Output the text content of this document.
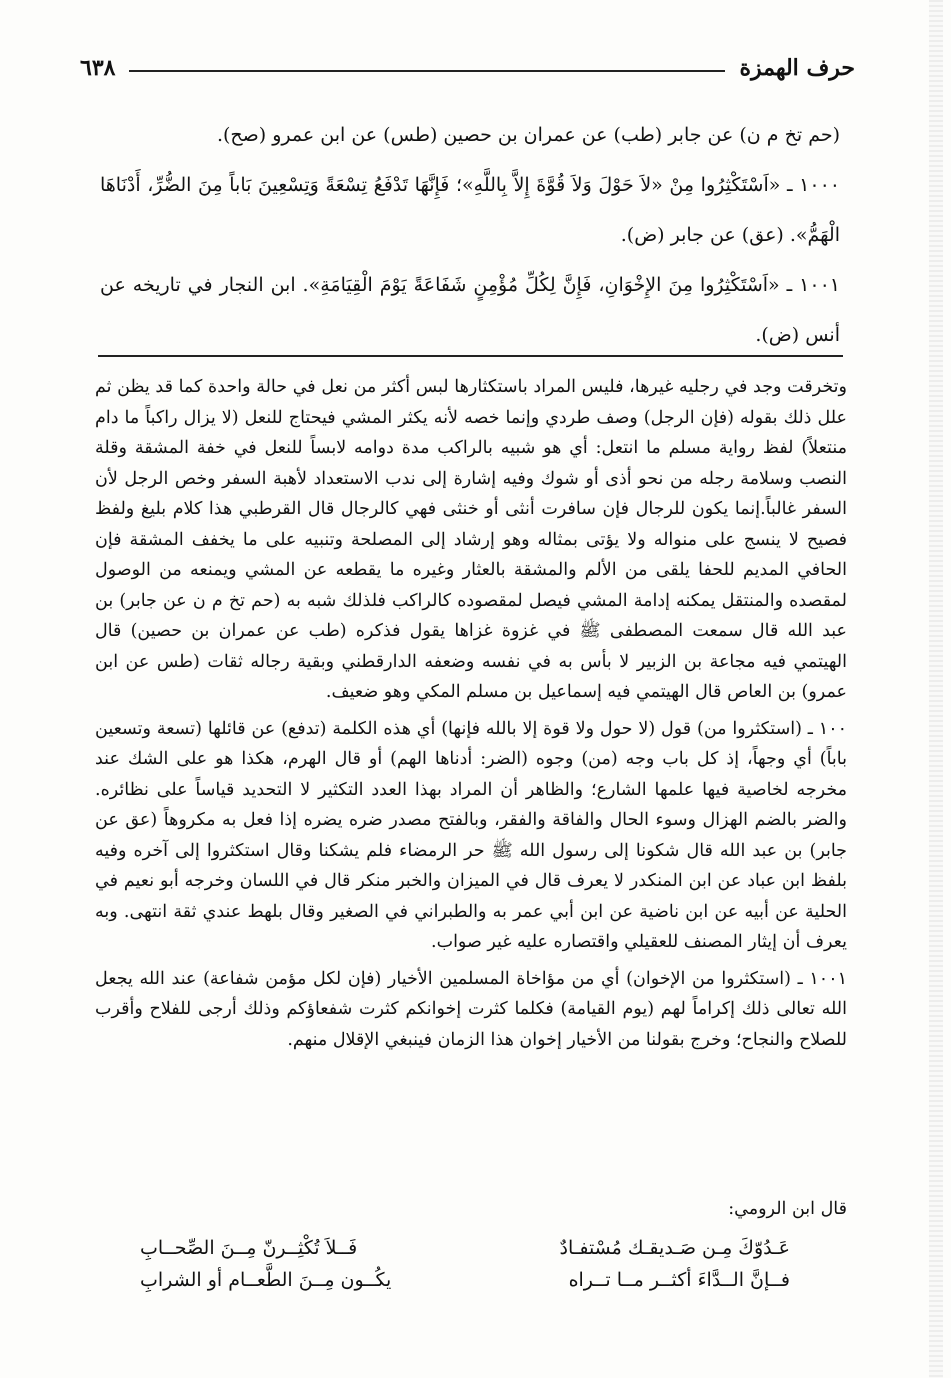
حرف الهمزة
٦٣٨

(حم تخ م ن) عن جابر (طب) عن عمران بن حصين (طس) عن ابن عمرو (صح).

١٠٠٠ ـ «اَسْتَكْثِرُوا مِنْ «لاَ حَوْلَ وَلاَ قُوَّةَ إِلاَّ بِاللَّهِ»؛ فَإِنَّهَا تَدْفَعُ تِسْعَةً وَتِسْعِينَ بَاباً مِنَ الضُّرِّ، أَدْنَاهَا الْهَمُّ». (عق) عن جابر (ض).

١٠٠١ ـ «اَسْتَكْثِرُوا مِنَ الإِخْوَانِ، فَإِنَّ لِكُلِّ مُؤْمِنٍ شَفَاعَةً يَوْمَ الْقِيَامَةِ». ابن النجار في تاريخه عن أنس (ض).

وتخرقت وجد في رجليه غيرها، فليس المراد باستكثارها لبس أكثر من نعل في حالة واحدة كما قد يظن ثم علل ذلك بقوله (فإن الرجل) وصف طردي وإنما خصه لأنه يكثر المشي فيحتاج للنعل (لا يزال راكباً ما دام منتعلاً) لفظ رواية مسلم ما انتعل: أي هو شبيه بالراكب مدة دوامه لابساً للنعل في خفة المشقة وقلة النصب وسلامة رجله من نحو أذى أو شوك وفيه إشارة إلى ندب الاستعداد لأهبة السفر وخص الرجل لأن السفر غالباً.إنما يكون للرجال فإن سافرت أنثى أو خنثى فهي كالرجال قال القرطبي هذا كلام بليغ ولفظ فصيح لا ينسج على منواله ولا يؤتى بمثاله وهو إرشاد إلى المصلحة وتنبيه على ما يخفف المشقة فإن الحافي المديم للحفا يلقى من الألم والمشقة بالعثار وغيره ما يقطعه عن المشي ويمنعه من الوصول لمقصده والمنتقل يمكنه إدامة المشي فيصل لمقصوده كالراكب فلذلك شبه به (حم تخ م ن عن جابر) بن عبد الله قال سمعت المصطفى ﷺ في غزوة غزاها يقول فذكره (طب عن عمران بن حصين) قال الهيتمي فيه مجاعة بن الزبير لا بأس به في نفسه وضعفه الدارقطني وبقية رجاله ثقات (طس عن ابن عمرو) بن العاص قال الهيتمي فيه إسماعيل بن مسلم المكي وهو ضعيف.

١٠٠ ـ (استكثروا من) قول (لا حول ولا قوة إلا بالله فإنها) أي هذه الكلمة (تدفع) عن قائلها (تسعة وتسعين باباً) أي وجهاً، إذ كل باب وجه (من) وجوه (الضر: أدناها الهم) أو قال الهرم، هكذا هو على الشك عند مخرجه لخاصية فيها علمها الشارع؛ والظاهر أن المراد بهذا العدد التكثير لا التحديد قياساً على نظائره. والضر بالضم الهزال وسوء الحال والفاقة والفقر، وبالفتح مصدر ضره يضره إذا فعل به مكروهاً (عق عن جابر) بن عبد الله قال شكونا إلى رسول الله ﷺ حر الرمضاء فلم يشكنا وقال استكثروا إلى آخره وفيه بلفظ ابن عباد عن ابن المنكدر لا يعرف قال في الميزان والخبر منكر قال في اللسان وخرجه أبو نعيم في الحلية عن أبيه عن ابن ناضية عن ابن أبي عمر به والطبراني في الصغير وقال بلهط عندي ثقة انتهى. وبه يعرف أن إيثار المصنف للعقيلي واقتصاره عليه غير صواب.

١٠٠١ ـ (استكثروا من الإخوان) أي من مؤاخاة المسلمين الأخيار (فإن لكل مؤمن شفاعة) عند الله يجعل الله تعالى ذلك إكراماً لهم (يوم القيامة) فكلما كثرت إخوانكم كثرت شفعاؤكم وذلك أرجى للفلاح وأقرب للصلاح والنجاح؛ وخرج بقولنا من الأخيار إخوان هذا الزمان فينبغي الإقلال منهم.

قال ابن الرومي:
عَـدُوّكَ مِـن صَـديقـك مُسْتفـادٌ
فَــلاَ تُكْثِــرنّ مِــنَ الصِّحــابِ
فــإنَّ الــدَّاءَ أكثــر مــا تــراه
يكُــون مِــنَ الطَّعــام أو الشرابِ
